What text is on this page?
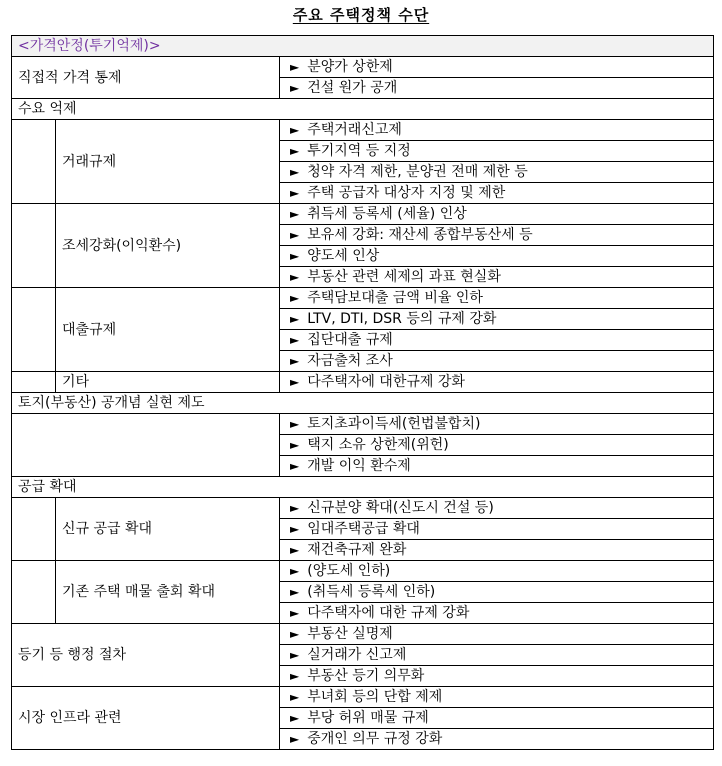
주요 주택정책 수단
<가격안정(투기억제)>		
직접적 가격 통제		► 분양가 상한제
		► 건설 원가 공개
수요 억제		
	거래규제	► 주택거래신고제
		► 투기지역 등 지정
		► 청약 자격 제한, 분양권 전매 제한 등
		► 주택 공급자 대상자 지정 및 제한
	조세강화(이익환수)	► 취득세 등록세 (세율) 인상
		► 보유세 강화: 재산세 종합부동산세 등
		► 양도세 인상
		► 부동산 관련 세제의 과표 현실화
	대출규제	► 주택담보대출 금액 비율 인하
		► LTV, DTI, DSR 등의 규제 강화
		► 집단대출 규제
		► 자금출처 조사
	기타	► 다주택자에 대한규제 강화
토지(부동산) 공개념 실현 제도		
		► 토지초과이득세(헌법불합치)
		► 택지 소유 상한제(위헌)
		► 개발 이익 환수제
공급 확대		
	신규 공급 확대	► 신규분양 확대(신도시 건설 등)
		► 임대주택공급 확대
		► 재건축규제 완화
	기존 주택 매물 출회 확대	► (양도세 인하)
		► (취득세 등록세 인하)
		► 다주택자에 대한 규제 강화
등기 등 행정 절차		► 부동산 실명제
		► 실거래가 신고제
		► 부동산 등기 의무화
시장 인프라 관련		► 부녀회 등의 단합 제제
		► 부당 허위 매물 규제
		► 중개인 의무 규정 강화
